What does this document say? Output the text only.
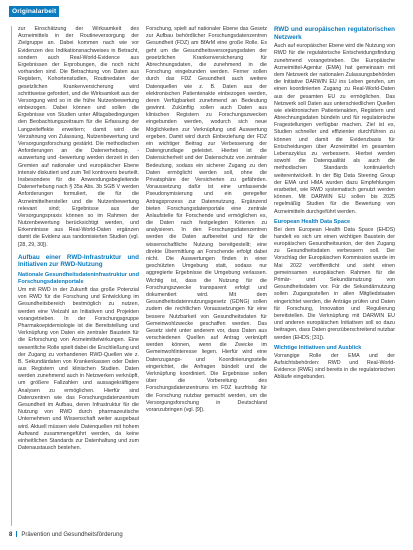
Originalarbeit

zur Einschätzung der Wirksamkeit des Arzneimittels in der Routineversorgung der Zielgruppe an. Dabei kommen nach wie vor Evidenzen des Indikationsnachweises in Betracht, sondern auch Real-World-Evidence aus Ergebnissen der Erprobungen, die noch nicht vorhanden sind. Die Betrachtung von Daten aus Registern, Kohortenstudien, Routinedaten der gesetzlichen Krankenversicherung wird schrittweise gefordert, und die Wirksamkeit aus der Versorgung wird so in die frühe Nutzenbewertung einbezogen. Dabei können und sollen die Ergebnisse von Studien unter Alltagsbedingungen den Beobachtungszeitraum für die Erfassung der Langzeiteffekte erweitern; damit wird die Verzahnung von Zulassung, Nutzenbewertung und Versorgungsforschung gestärkt. Die methodischen Anforderungen an die Datenerhebung, -auswertung und -bewertung werden derzeit in den Gremien auf nationaler und europäischer Ebene intensiv diskutiert und zum Teil kontrovers beurteilt. Insbesondere für die Anwendungsbegleitende Datenerhebung nach § 35a Abs. 3b SGB V werden Anforderungen formuliert, die für die Arzneimittelhersteller und die Nutzenbewertung relevant sind; Ergebnisse aus der Versorgungspraxis können so im Rahmen der Nutzenbewertung berücksichtigt werden, und Erkenntnisse aus Real-World-Daten ergänzen damit die Evidenz aus randomisierten Studien (vgl. [28, 29, 30]).

Aufbau einer RWD-Infrastruktur und Initiativen zur RWD-Nutzung
Nationale Gesundheitsdateninfrastruktur und Forschungsdatenportale

Um mit RWD in der Zukunft das große Potenzial von RWD für die Forschung und Entwicklung im Gesundheitsbereich bestmöglich zu nutzen, werden eine Vielzahl an Initiativen und Projekten vorangetrieben. In der Forschungsgruppe Pharmakoepidemiologie ist die Bereitstellung und Verknüpfung von Daten ein zentraler Baustein für die Erforschung von Arzneimittelwirkungen. Eine wesentliche Rolle spielt dabei die Erschließung und der Zugang zu vorhandenen RWD-Quellen wie z. B. Sekundärdaten von Krankenkassen oder Daten aus Registern und klinischen Studien. Daten werden zunehmend auch in Netzwerken verknüpft, um größere Fallzahlen und aussagekräftigere Analysen zu ermöglichen. Hierfür sind Datenzentren wie das Forschungsdatenzentrum Gesundheit im Aufbau, deren Infrastruktur für die Nutzung von RWD durch pharmazeutische Unternehmen und Wissenschaft weiter ausgebaut wird. Aktuell müssen viele Datenquellen mit hohem Aufwand zusammengeführt werden, da keine einheitlichen Standards zur Datenhaltung und zum Datenaustausch bestehen.

Forschung, spielt auf nationaler Ebene das Gesetz zur Aufbau behördlicher Forschungsdatenzentren Gesundheit (FDZ) am BfArM eine große Rolle. Es geht um die Gesundheitsversorgungsdaten der gesetzlichen Krankenversicherung für Abrechnungsdaten, die zunehmend in die Forschung eingebunden werden. Ferner sollen durch das FDZ Gesundheit auch weitere Datenquellen wie z. B. Daten aus der elektronischen Patientenakte einbezogen werden, deren Verfügbarkeit zunehmend an Bedeutung gewinnt. Zukünftig sollen auch Daten aus klinischen Registern zu Forschungszwecken eingebunden werden, wodurch sich neue Möglichkeiten zur Verknüpfung und Auswertung ergeben. Damit wird durch Einbeziehung der FDZ ein wichtiger Beitrag zur Verbesserung der Datengrundlage geleistet. Hierbei ist die Datensicherheit und der Datenschutz von zentraler Bedeutung, sodass ein sicherer Zugang zu den Daten ermöglicht werden soll, ohne die Privatsphäre der Versicherten zu gefährden. Voraussetzung dafür ist eine umfassende Pseudonymisierung und ein geregelter Antragsprozess zur Datennutzung. Ergänzend bieten Forschungsdatenportale eine zentrale Anlaufstelle für Forschende und ermöglichen es, die Daten nach festgelegten Kriterien zu analysieren. In den Forschungsdatenzentren werden die Daten aufbereitet und für die wissenschaftliche Nutzung bereitgestellt; eine direkte Übermittlung an Forschende erfolgt dabei nicht. Die Auswertungen finden in einer geschützten Umgebung statt, sodass nur aggregierte Ergebnisse die Umgebung verlassen. Wichtig ist, dass die Nutzung für die Forschungszwecke transparent erfolgt und dokumentiert wird. Mit dem Gesundheitsdatennutzungsgesetz (GDNG) sollen zudem die rechtlichen Voraussetzungen für eine bessere Nutzbarkeit von Gesundheitsdaten für Gemeinwohlzwecke geschaffen werden. Das Gesetz sieht unter anderem vor, dass Daten aus verschiedenen Quellen auf Antrag verknüpft werden können, wenn die Zwecke im Gemeinwohlinteresse liegen. Hierfür wird eine Datenzugangs- und Koordinierungsstelle eingerichtet, die Anfragen bündelt und die Verknüpfung koordiniert. Die Ergebnisse sollen über die Vorbereitung des Forschungsdatenzentrums im FDZ kurzfristig für die Forschung nutzbar gemacht werden, um die Versorgungsforschung in Deutschland voranzubringen (vgl. [9]).

RWD und europäischen regulatorischen Netzwerk

Auch auf europäischer Ebene wird die Nutzung von RWD für die regulatorische Entscheidungsfindung zunehmend vorangetrieben. Die Europäische Arzneimittel-Agentur (EMA) hat gemeinsam mit dem Netzwerk der nationalen Zulassungsbehörden die Initiative DARWIN EU ins Leben gerufen, um einen koordinierten Zugang zu Real-World-Daten aus der gesamten EU zu ermöglichen. Das Netzwerk soll Daten aus unterschiedlichen Quellen wie elektronischen Patientenakten, Registern und Abrechnungsdaten bündeln und für regulatorische Fragestellungen verfügbar machen. Ziel ist es, Studien schneller und effizienter durchführen zu können und damit die Evidenzbasis für Entscheidungen über Arzneimittel im gesamten Lebenszyklus zu verbessern. Hierbei werden sowohl die Datenqualität als auch die methodischen Standards kontinuierlich weiterentwickelt. In der Big Data Steering Group der EMA und HMA wurden dazu Empfehlungen erarbeitet, wie RWD systematisch genutzt werden können. Mit DARWIN EU sollen bis 2025 regelmäßig Studien für die Bewertung von Arzneimitteln durchgeführt werden.

European Health Data Space

Bei dem European Health Data Space (EHDS) handelt es sich um einen wichtigen Baustein der europäischen Gesundheitsunion, der den Zugang zu Gesundheitsdaten verbessern soll. Der Vorschlag der Europäischen Kommission wurde im Mai 2022 veröffentlicht und sieht einen gemeinsamen europäischen Rahmen für die Primär- und Sekundärnutzung von Gesundheitsdaten vor. Für die Sekundärnutzung sollen Zugangsstellen in allen Mitgliedstaaten eingerichtet werden, die Anträge prüfen und Daten für Forschung, Innovation und Regulierung bereitstellen. Die Verknüpfung mit DARWIN EU und anderen europäischen Initiativen soll so dazu beitragen, dass Daten grenzüberschreitend nutzbar werden (EHDS; [31]).

Wichtige Initiativen und Ausblick

Vorrangige Rolle der EMA und der Aufsichtsbehörden: RWD und Real-World-Evidence (RWE) sind bereits in die regulatorischen Abläufe eingebunden.

8 Prävention und Gesundheitsförderung
